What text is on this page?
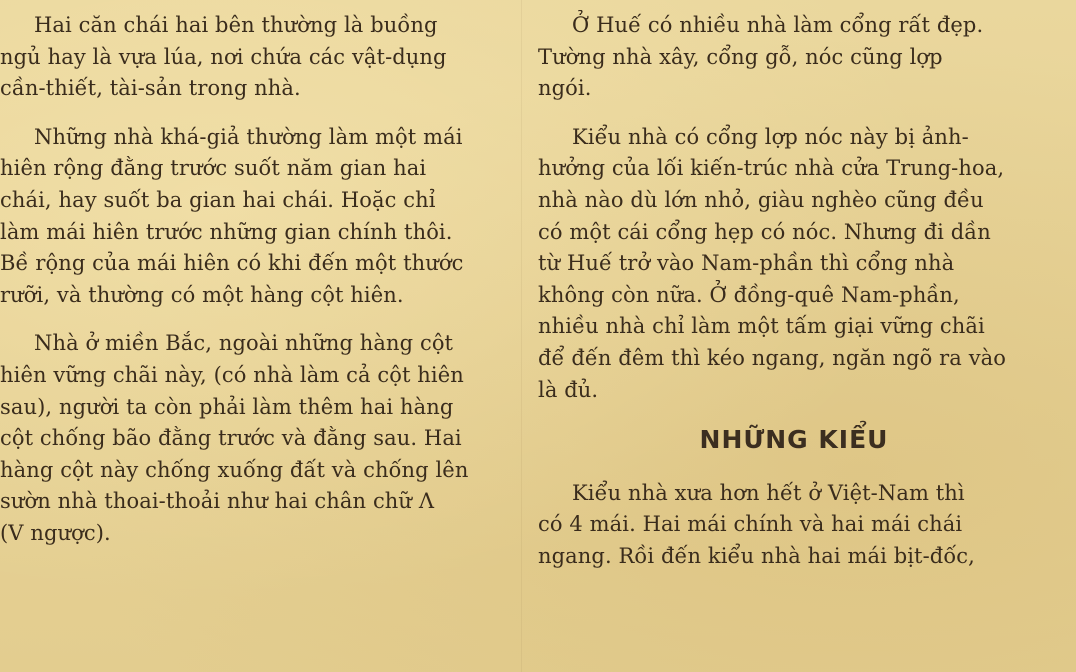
Hai căn chái hai bên thường là buồng
ngủ hay là vựa lúa, nơi chứa các vật-dụng
cần-thiết, tài-sản trong nhà.

Những nhà khá-giả thường làm một mái
hiên rộng đằng trước suốt năm gian hai
chái, hay suốt ba gian hai chái. Hoặc chỉ
làm mái hiên trước những gian chính thôi.
Bề rộng của mái hiên có khi đến một thước
rưỡi, và thường có một hàng cột hiên.

Nhà ở miền Bắc, ngoài những hàng cột
hiên vững chãi này, (có nhà làm cả cột hiên
sau), người ta còn phải làm thêm hai hàng
cột chống bão đằng trước và đằng sau. Hai
hàng cột này chống xuống đất và chống lên
sườn nhà thoai-thoải như hai chân chữ Λ
(V ngược).

Ở Huế có nhiều nhà làm cổng rất đẹp.
Tường nhà xây, cổng gỗ, nóc cũng lợp
ngói.

Kiểu nhà có cổng lợp nóc này bị ảnh-
hưởng của lối kiến-trúc nhà cửa Trung-hoa,
nhà nào dù lớn nhỏ, giàu nghèo cũng đều
có một cái cổng hẹp có nóc. Nhưng đi dần
từ Huế trở vào Nam-phần thì cổng nhà
không còn nữa. Ở đồng-quê Nam-phần,
nhiều nhà chỉ làm một tấm giại vững chãi
để đến đêm thì kéo ngang, ngăn ngõ ra vào
là đủ.

NHỮNG KIỂU

Kiểu nhà xưa hơn hết ở Việt-Nam thì
có 4 mái. Hai mái chính và hai mái chái
ngang. Rồi đến kiểu nhà hai mái bịt-đốc,
